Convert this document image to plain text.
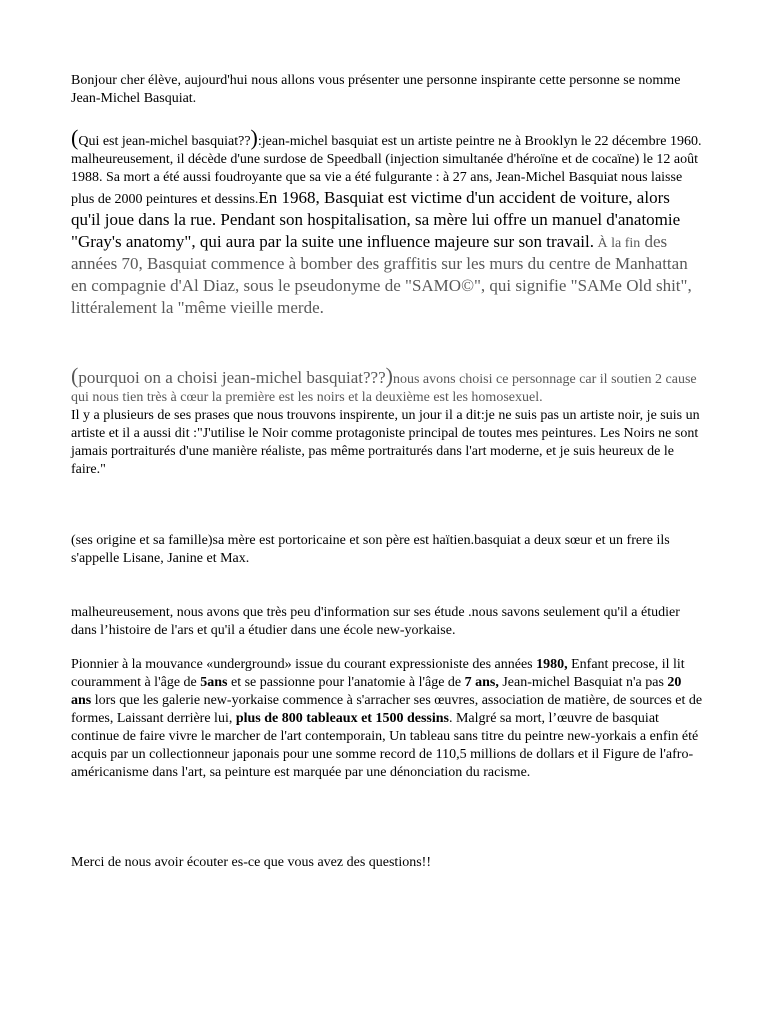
Bonjour cher élève, aujourd'hui nous allons vous présenter une personne inspirante cette personne se nomme Jean-Michel Basquiat.

(Qui est jean-michel basquiat??):jean-michel basquiat est un artiste peintre ne à Brooklyn le 22 décembre 1960. malheureusement, il décède d'une surdose de Speedball (injection simultanée d'héroïne et de cocaïne) le 12 août 1988. Sa mort a été aussi foudroyante que sa vie a été fulgurante : à 27 ans, Jean-Michel Basquiat nous laisse plus de 2000 peintures et dessins.En 1968, Basquiat est victime d'un accident de voiture, alors qu'il joue dans la rue. Pendant son hospitalisation, sa mère lui offre un manuel d'anatomie "Gray's anatomy", qui aura par la suite une influence majeure sur son travail. À la fin des années 70, Basquiat commence à bomber des graffitis sur les murs du centre de Manhattan en compagnie d'Al Diaz, sous le pseudonyme de "SAMO©", qui signifie "SAMe Old shit", littéralement la "même vieille merde.

(pourquoi on a choisi jean-michel basquiat???)nous avons choisi ce personnage car il soutien 2 cause qui nous tien très à cœur la première est les noirs et la deuxième est les homosexuel.
Il y a plusieurs de ses prases que nous trouvons inspirente, un jour il a dit:je ne suis pas un artiste noir, je suis un artiste et il a aussi dit :"J'utilise le Noir comme protagoniste principal de toutes mes peintures. Les Noirs ne sont jamais portraiturés d'une manière réaliste, pas même portraiturés dans l'art moderne, et je suis heureux de le faire."

(ses origine et sa famille)sa mère est portoricaine et son père est haïtien.basquiat a deux sœur et un frere ils s'appelle Lisane, Janine et Max.

malheureusement, nous avons que très peu d'information sur ses étude .nous savons seulement qu'il a étudier dans l’histoire de l'ars et qu'il a étudier dans une école new-yorkaise.

Pionnier à la mouvance «underground» issue du courant expressioniste des années 1980, Enfant precose, il lit couramment à l'âge de 5ans et se passionne pour l'anatomie à l'âge de 7 ans, Jean-michel Basquiat n'a pas 20 ans lors que les galerie new-yorkaise commence à s'arracher ses œuvres, association de matière, de sources et de formes, Laissant derrière lui, plus de 800 tableaux et 1500 dessins. Malgré sa mort, l’œuvre de basquiat continue de faire vivre le marcher de l'art contemporain, Un tableau sans titre du peintre new-yorkais a enfin été acquis par un collectionneur japonais pour une somme record de 110,5 millions de dollars et il Figure de l'afro-américanisme dans l'art, sa peinture est marquée par une dénonciation du racisme.

Merci de nous avoir écouter es-ce que vous avez des questions!!
